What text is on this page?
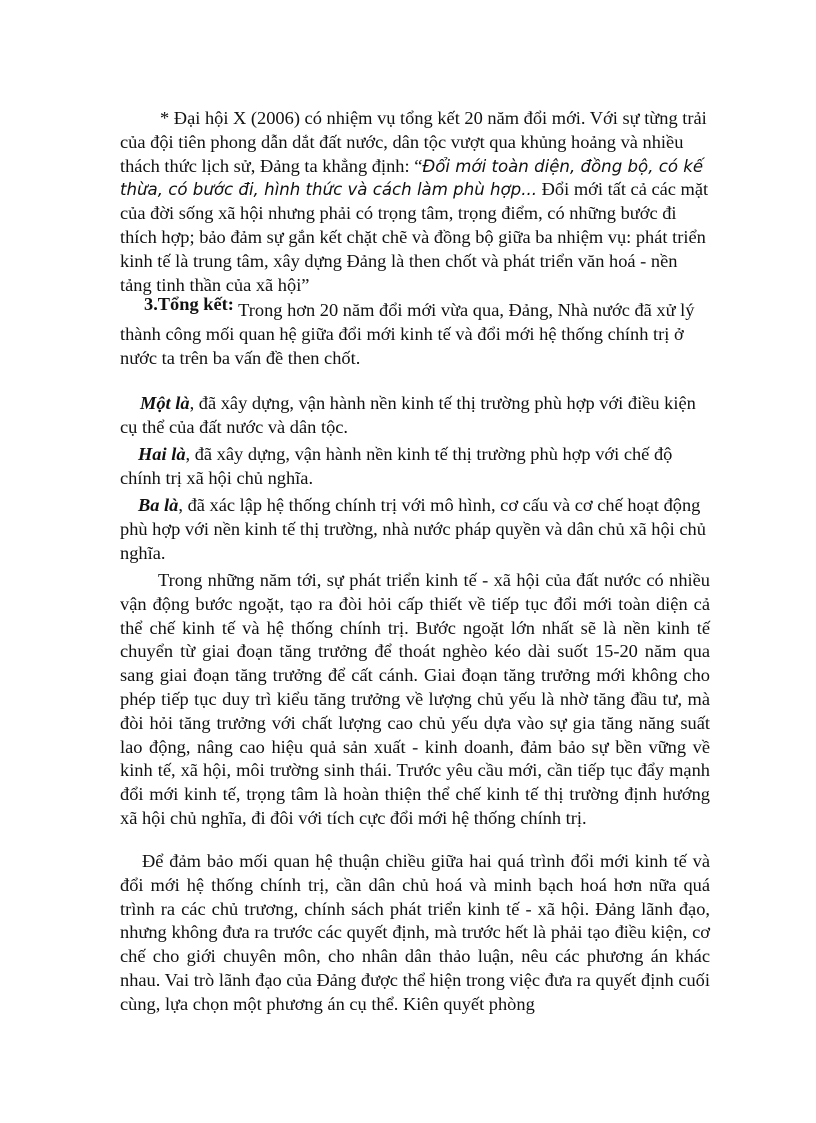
* Đại hội X (2006) có nhiệm vụ tổng kết 20 năm đổi mới. Với sự từng trải của đội tiên phong dẫn dắt đất nước, dân tộc vượt qua khủng hoảng và nhiều thách thức lịch sử, Đảng ta khẳng định: “Đổi mới toàn diện, đồng bộ, có kế thừa, có bước đi, hình thức và cách làm phù hợp... Đổi mới tất cả các mặt của đời sống xã hội nhưng phải có trọng tâm, trọng điểm, có những bước đi thích hợp; bảo đảm sự gắn kết chặt chẽ và đồng bộ giữa ba nhiệm vụ: phát triển kinh tế là trung tâm, xây dựng Đảng là then chốt và phát triển văn hoá - nền tảng tinh thần của xã hội”

3.Tổng kết: Trong hơn 20 năm đổi mới vừa qua, Đảng, Nhà nước đã xử lý thành công mối quan hệ giữa đổi mới kinh tế và đổi mới hệ thống chính trị ở nước ta trên ba vấn đề then chốt.

Một là, đã xây dựng, vận hành nền kinh tế thị trường phù hợp với điều kiện cụ thể của đất nước và dân tộc.

Hai là, đã xây dựng, vận hành nền kinh tế thị trường phù hợp với chế độ chính trị xã hội chủ nghĩa.

Ba là, đã xác lập hệ thống chính trị với mô hình, cơ cấu và cơ chế hoạt động phù hợp với nền kinh tế thị trường, nhà nước pháp quyền và dân chủ xã hội chủ nghĩa.

Trong những năm tới, sự phát triển kinh tế - xã hội của đất nước có nhiều vận động bước ngoặt, tạo ra đòi hỏi cấp thiết về tiếp tục đổi mới toàn diện cả thể chế kinh tế và hệ thống chính trị. Bước ngoặt lớn nhất sẽ là nền kinh tế chuyển từ giai đoạn tăng trưởng để thoát nghèo kéo dài suốt 15-20 năm qua sang giai đoạn tăng trưởng để cất cánh. Giai đoạn tăng trưởng mới không cho phép tiếp tục duy trì kiểu tăng trưởng về lượng chủ yếu là nhờ tăng đầu tư, mà đòi hỏi tăng trưởng với chất lượng cao chủ yếu dựa vào sự gia tăng năng suất lao động, nâng cao hiệu quả sản xuất - kinh doanh, đảm bảo sự bền vững về kinh tế, xã hội, môi trường sinh thái. Trước yêu cầu mới, cần tiếp tục đẩy mạnh đổi mới kinh tế, trọng tâm là hoàn thiện thể chế kinh tế thị trường định hướng xã hội chủ nghĩa, đi đôi với tích cực đổi mới hệ thống chính trị.

Để đảm bảo mối quan hệ thuận chiều giữa hai quá trình đổi mới kinh tế và đổi mới hệ thống chính trị, cần dân chủ hoá và minh bạch hoá hơn nữa quá trình ra các chủ trương, chính sách phát triển kinh tế - xã hội. Đảng lãnh đạo, nhưng không đưa ra trước các quyết định, mà trước hết là phải tạo điều kiện, cơ chế cho giới chuyên môn, cho nhân dân thảo luận, nêu các phương án khác nhau. Vai trò lãnh đạo của Đảng được thể hiện trong việc đưa ra quyết định cuối cùng, lựa chọn một phương án cụ thể. Kiên quyết phòng
